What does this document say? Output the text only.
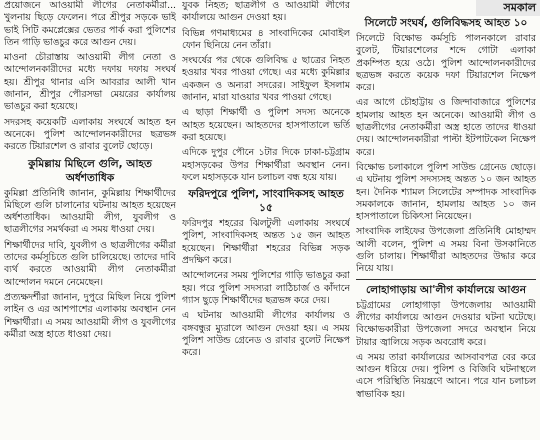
সমকাল

প্রয়োজনে আওয়ামী লীগের নেতাকর্মীরা... খুলনায় ছিড়ে ফেলেন। পরে শ্রীপুর সড়কে ভাই ভাই সিটি কমপ্লেক্সের ভেতর পার্ক করা পুলিশের তিন গাড়ি ভাঙচুর করে আগুন দেয়।

মাওনা চৌরাস্তায় আওয়ামী লীগ নেতা ও আন্দোলনকারীদের মধ্যে দফায় দফায় সংঘর্ষ হয়। শ্রীপুর থানার এসি আবরার আলী খান জানান, শ্রীপুর পৌরসভা মেয়রের কার্যালয় ভাঙচুর করা হয়েছে।

সদরসহ কয়েকটি এলাকায় সংঘর্ষে আহত হন অনেকে। পুলিশ আন্দোলনকারীদের ছত্রভঙ্গ করতে টিয়ারশেল ও রাবার বুলেট ছোড়ে।

কুমিল্লায় মিছিলে গুলি, আহত অর্ধশতাধিক

কুমিল্লা প্রতিনিধি জানান, কুমিল্লায় শিক্ষার্থীদের মিছিলে গুলি চালানোর ঘটনায় আহত হয়েছেন অর্ধশতাধিক। আওয়ামী লীগ, যুবলীগ ও ছাত্রলীগের সমর্থকরা এ সময় ধাওয়া দেয়।

শিক্ষার্থীদের দাবি, যুবলীগ ও ছাত্রলীগের কর্মীরা তাদের কর্মসূচিতে গুলি চালিয়েছে। তাদের দাবি ব্যর্থ করতে আওয়ামী লীগ নেতাকর্মীরা আন্দোলন দমনে নেমেছেন।

প্রত্যক্ষদর্শীরা জানান, দুপুরে মিছিল নিয়ে পুলিশ লাইন ও এর আশপাশের এলাকায় অবস্থান নেন শিক্ষার্থীরা। এ সময় আওয়ামী লীগ ও যুবলীগের কর্মীরা অস্ত্র হাতে ধাওয়া দেয়।

যুবক নিহত; ছাত্রলীগ ও আওয়ামী লীগের কার্যালয়ে আগুন দেওয়া হয়।

বিভিন্ন গণমাধ্যমের ৪ সাংবাদিকের মোবাইল ফোন ছিনিয়ে নেন তাঁরা।

সংঘর্ষের পর থেকে গুলিবিদ্ধ ৫ ছাত্রের নিহত হওয়ার খবর পাওয়া গেছে। এর মধ্যে কুমিল্লার একজন ও অন্যরা সদরের। সাইফুল ইসলাম জানান, মারা যাওয়ার খবর পাওয়া গেছে।

এ ছাড়া শিক্ষার্থী ও পুলিশ সদস্য অনেকে আহত হয়েছেন। আহতদের হাসপাতালে ভর্তি করা হয়েছে।

এদিকে দুপুর পৌনে ১টার দিকে ঢাকা-চট্টগ্রাম মহাসড়কের উপর শিক্ষার্থীরা অবস্থান নেন। ফলে মহাসড়কে যান চলাচল বন্ধ হয়ে যায়।

ফরিদপুরে পুলিশ, সাংবাদিকসহ আহত ১৫

ফরিদপুর শহরের ঝিলটুলী এলাকায় সংঘর্ষে পুলিশ, সাংবাদিকসহ অন্তত ১৫ জন আহত হয়েছেন। শিক্ষার্থীরা শহরের বিভিন্ন সড়ক প্রদক্ষিণ করে।

আন্দোলনের সময় পুলিশের গাড়ি ভাঙচুর করা হয়। পরে পুলিশ সদস্যরা লাঠিচার্জ ও কাঁদানে গ্যাস ছুড়ে শিক্ষার্থীদের ছত্রভঙ্গ করে দেয়।

এ ঘটনায় আওয়ামী লীগের কার্যালয় ও বঙ্গবন্ধুর ম্যুরালে আগুন দেওয়া হয়। এ সময় পুলিশ সাউন্ড গ্রেনেড ও রাবার বুলেট নিক্ষেপ করে।

সিলেটে সংঘর্ষ, গুলিবিদ্ধসহ আহত ১০

সিলেটে বিক্ষোভ কর্মসূচি পালনকালে রাবার বুলেট, টিয়ারশেলের শব্দে গোটা এলাকা প্রকম্পিত হয়ে ওঠে। পুলিশ আন্দোলনকারীদের ছত্রভঙ্গ করতে কয়েক দফা টিয়ারশেল নিক্ষেপ করে।

এর আগে চৌহাট্টায় ও জিন্দাবাজারে পুলিশের হামলায় আহত হন অনেকে। আওয়ামী লীগ ও ছাত্রলীগের নেতাকর্মীরা অস্ত্র হাতে তাদের ধাওয়া দেয়। আন্দোলনকারীরা পাল্টা ইটপাটকেল নিক্ষেপ করে।

বিক্ষোভ চলাকালে পুলিশ সাউন্ড গ্রেনেড ছোড়ে। এ ঘটনায় পুলিশ সদস্যসহ অন্তত ১০ জন আহত হন। দৈনিক শ্যামল সিলেটের সম্পাদক সাংবাদিক সমকালকে জানান, হামলায় আহত ১০ জন হাসপাতালে চিকিৎসা নিয়েছেন।

সাংবাদিক লাইফের উপজেলা প্রতিনিধি মোহাম্মদ আলী বলেন, পুলিশ এ সময় বিনা উসকানিতে গুলি চালায়। শিক্ষার্থীরা আহতদের উদ্ধার করে নিয়ে যায়।

লোহাগাড়ায় আ'লীগ কার্যালয়ে আগুন

চট্টগ্রামের লোহাগাড়া উপজেলায় আওয়ামী লীগের কার্যালয়ে আগুন দেওয়ার ঘটনা ঘটেছে। বিক্ষোভকারীরা উপজেলা সদরে অবস্থান নিয়ে টায়ার জ্বালিয়ে সড়ক অবরোধ করে।

এ সময় তারা কার্যালয়ের আসবাবপত্র বের করে আগুন ধরিয়ে দেয়। পুলিশ ও বিজিবি ঘটনাস্থলে এসে পরিস্থিতি নিয়ন্ত্রণে আনে। পরে যান চলাচল স্বাভাবিক হয়।
